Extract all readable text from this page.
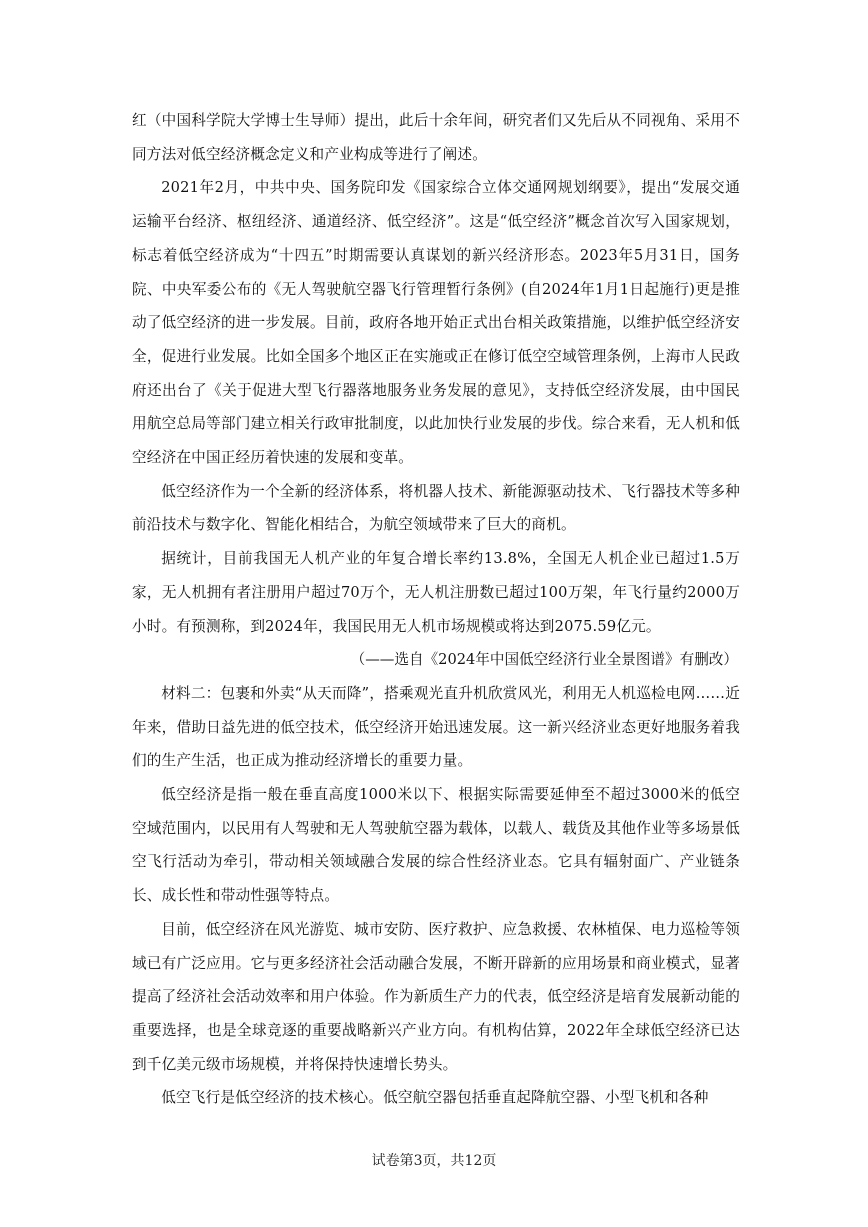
红（中国科学院大学博士生导师）提出，此后十余年间，研究者们又先后从不同视角、采用不同方法对低空经济概念定义和产业构成等进行了阐述。

2021年2月，中共中央、国务院印发《国家综合立体交通网规划纲要》，提出“发展交通运输平台经济、枢纽经济、通道经济、低空经济”。这是“低空经济”概念首次写入国家规划，标志着低空经济成为“十四五”时期需要认真谋划的新兴经济形态。2023年5月31日，国务院、中央军委公布的《无人驾驶航空器飞行管理暂行条例》(自2024年1月1日起施行)更是推动了低空经济的进一步发展。目前，政府各地开始正式出台相关政策措施，以维护低空经济安全，促进行业发展。比如全国多个地区正在实施或正在修订低空空域管理条例，上海市人民政府还出台了《关于促进大型飞行器落地服务业务发展的意见》，支持低空经济发展，由中国民用航空总局等部门建立相关行政审批制度，以此加快行业发展的步伐。综合来看，无人机和低空经济在中国正经历着快速的发展和变革。

低空经济作为一个全新的经济体系，将机器人技术、新能源驱动技术、飞行器技术等多种前沿技术与数字化、智能化相结合，为航空领域带来了巨大的商机。

据统计，目前我国无人机产业的年复合增长率约13.8%，全国无人机企业已超过1.5万家，无人机拥有者注册用户超过70万个，无人机注册数已超过100万架，年飞行量约2000万小时。有预测称，到2024年，我国民用无人机市场规模或将达到2075.59亿元。

（——选自《2024年中国低空经济行业全景图谱》有删改）

材料二：包裹和外卖“从天而降”，搭乘观光直升机欣赏风光，利用无人机巡检电网……近年来，借助日益先进的低空技术，低空经济开始迅速发展。这一新兴经济业态更好地服务着我们的生产生活，也正成为推动经济增长的重要力量。

低空经济是指一般在垂直高度1000米以下、根据实际需要延伸至不超过3000米的低空空域范围内，以民用有人驾驶和无人驾驶航空器为载体，以载人、载货及其他作业等多场景低空飞行活动为牵引，带动相关领域融合发展的综合性经济业态。它具有辐射面广、产业链条长、成长性和带动性强等特点。

目前，低空经济在风光游览、城市安防、医疗救护、应急救援、农林植保、电力巡检等领域已有广泛应用。它与更多经济社会活动融合发展，不断开辟新的应用场景和商业模式，显著提高了经济社会活动效率和用户体验。作为新质生产力的代表，低空经济是培育发展新动能的重要选择，也是全球竞逐的重要战略新兴产业方向。有机构估算，2022年全球低空经济已达到千亿美元级市场规模，并将保持快速增长势头。

低空飞行是低空经济的技术核心。低空航空器包括垂直起降航空器、小型飞机和各种

试卷第3页，共12页
